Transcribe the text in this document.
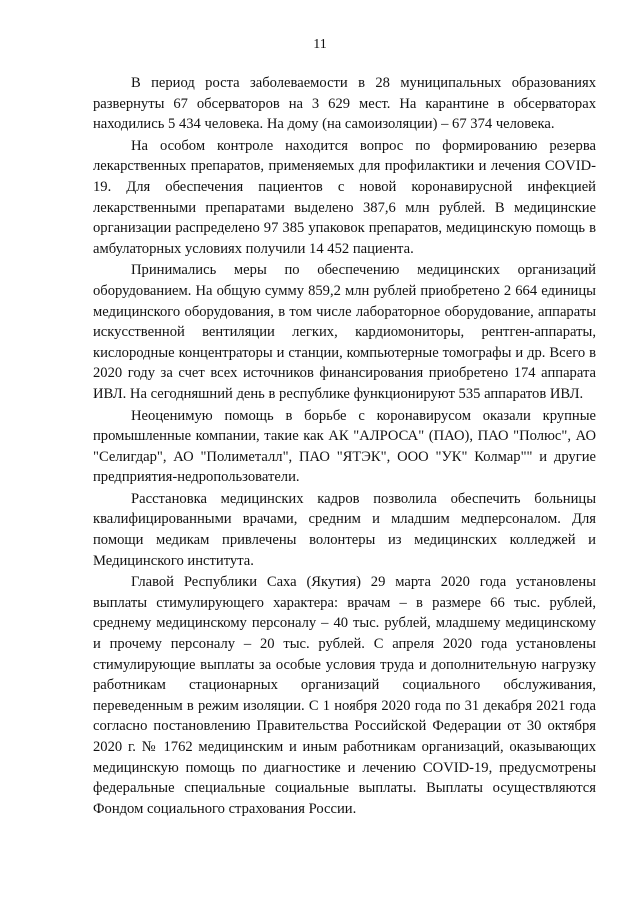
11

В период роста заболеваемости в 28 муниципальных образованиях развернуты 67 обсерваторов на 3 629 мест. На карантине в обсерваторах находились 5 434 человека. На дому (на самоизоляции) – 67 374 человека.

На особом контроле находится вопрос по формированию резерва лекарственных препаратов, применяемых для профилактики и лечения COVID-19. Для обеспечения пациентов с новой коронавирусной инфекцией лекарственными препаратами выделено 387,6 млн рублей. В медицинские организации распределено 97 385 упаковок препаратов, медицинскую помощь в амбулаторных условиях получили 14 452 пациента.

Принимались меры по обеспечению медицинских организаций оборудованием. На общую сумму 859,2 млн рублей приобретено 2 664 единицы медицинского оборудования, в том числе лабораторное оборудование, аппараты искусственной вентиляции легких, кардиомониторы, рентген-аппараты, кислородные концентраторы и станции, компьютерные томографы и др. Всего в 2020 году за счет всех источников финансирования приобретено 174 аппарата ИВЛ. На сегодняшний день в республике функционируют 535 аппаратов ИВЛ.

Неоценимую помощь в борьбе с коронавирусом оказали крупные промышленные компании, такие как АК "АЛРОСА" (ПАО), ПАО "Полюс", АО "Селигдар", АО "Полиметалл", ПАО "ЯТЭК", ООО "УК" Колмар"" и другие предприятия-недропользователи.

Расстановка медицинских кадров позволила обеспечить больницы квалифицированными врачами, средним и младшим медперсоналом. Для помощи медикам привлечены волонтеры из медицинских колледжей и Медицинского института.

Главой Республики Саха (Якутия) 29 марта 2020 года установлены выплаты стимулирующего характера: врачам – в размере 66 тыс. рублей, среднему медицинскому персоналу – 40 тыс. рублей, младшему медицинскому и прочему персоналу – 20 тыс. рублей. С апреля 2020 года установлены стимулирующие выплаты за особые условия труда и дополнительную нагрузку работникам стационарных организаций социального обслуживания, переведенным в режим изоляции. С 1 ноября 2020 года по 31 декабря 2021 года согласно постановлению Правительства Российской Федерации от 30 октября 2020 г. № 1762 медицинским и иным работникам организаций, оказывающих медицинскую помощь по диагностике и лечению COVID-19, предусмотрены федеральные специальные социальные выплаты. Выплаты осуществляются Фондом социального страхования России.
